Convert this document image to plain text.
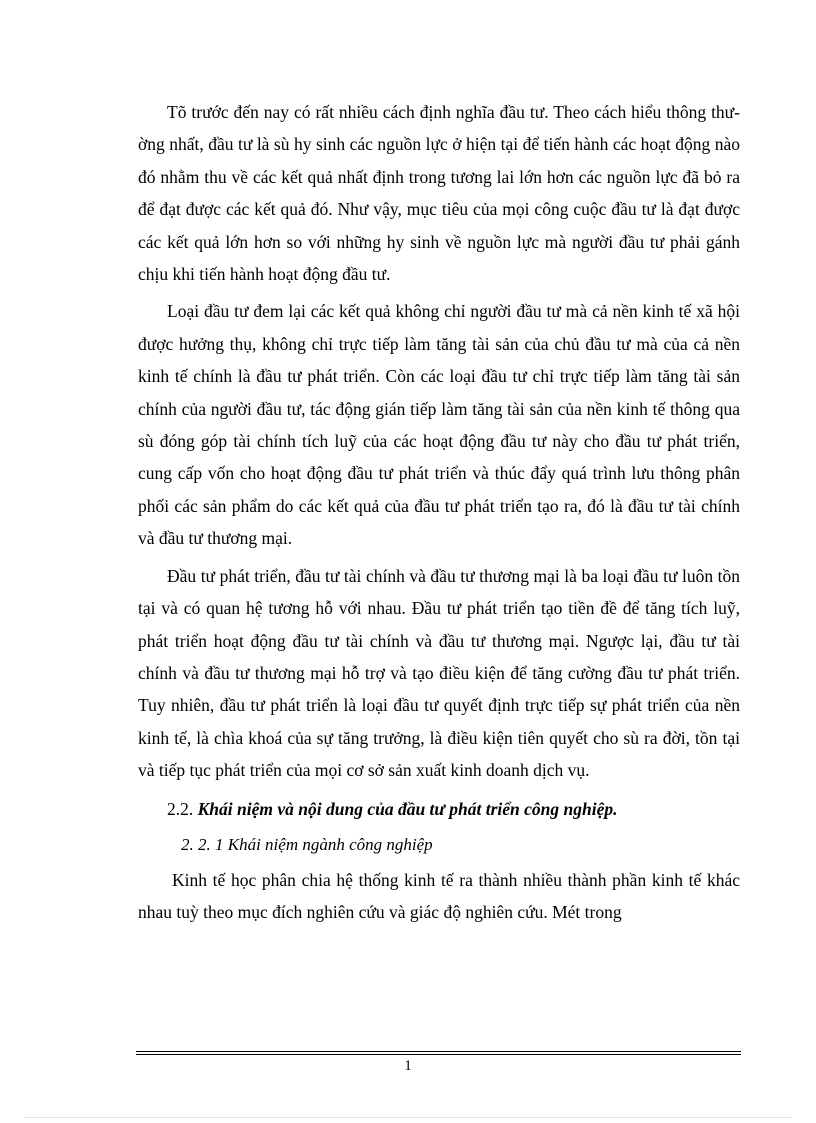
Tõ trước đến nay có rất nhiều cách định nghĩa đầu tư. Theo cách hiểu thông thường nhất, đầu tư là sù hy sinh các nguồn lực ở hiện tại để tiến hành các hoạt động nào đó nhằm thu về các kết quả nhất định trong tương lai lớn hơn các nguồn lực đã bỏ ra để đạt được các kết quả đó. Như vậy, mục tiêu của mọi công cuộc đầu tư là đạt được các kết quả lớn hơn so với những hy sinh về nguồn lực mà người đầu tư phải gánh chịu khi tiến hành hoạt động đầu tư.

Loại đầu tư đem lại các kết quả không chỉ người đầu tư mà cả nền kinh tế xã hội được hưởng thụ, không chỉ trực tiếp làm tăng tài sản của chủ đầu tư mà của cả nền kinh tế chính là đầu tư phát triển. Còn các loại đầu tư chỉ trực tiếp làm tăng tài sản chính của người đầu tư, tác động gián tiếp làm tăng tài sản của nền kinh tế thông qua sù đóng góp tài chính tích luỹ của các hoạt động đầu tư này cho đầu tư phát triển, cung cấp vốn cho hoạt động đầu tư phát triển và thúc đẩy quá trình lưu thông phân phối các sản phẩm do các kết quả của đầu tư phát triển tạo ra, đó là đầu tư tài chính và đầu tư thương mại.

Đầu tư phát triển, đầu tư tài chính và đầu tư thương mại là ba loại đầu tư luôn tồn tại và có quan hệ tương hỗ với nhau. Đầu tư phát triển tạo tiền đề để tăng tích luỹ, phát triển hoạt động đầu tư tài chính và đầu tư thương mại. Ngược lại, đầu tư tài chính và đầu tư thương mại hỗ trợ và tạo điều kiện để tăng cường đầu tư phát triển. Tuy nhiên, đầu tư phát triển là loại đầu tư quyết định trực tiếp sự phát triển của nền kinh tế, là chìa khoá của sự tăng trưởng, là điều kiện tiên quyết cho sù ra đời, tồn tại và tiếp tục phát triển của mọi cơ sở sản xuất kinh doanh dịch vụ.

2.2. Khái niệm và nội dung của đầu tư phát triển công nghiệp.

2. 2. 1 Khái niệm ngành công nghiệp

Kinh tế học phân chia hệ thống kinh tế ra thành nhiều thành phần kinh tế khác nhau tuỳ theo mục đích nghiên cứu và giác độ nghiên cứu. Mét trong

1
